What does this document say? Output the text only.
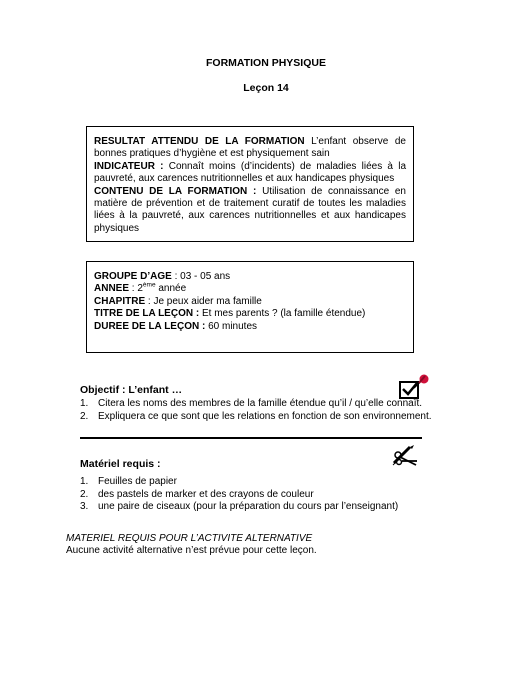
FORMATION PHYSIQUE
Leçon 14
RESULTAT ATTENDU DE LA FORMATION L’enfant observe de bonnes pratiques d’hygiène et est physiquement sain
INDICATEUR : Connaît moins (d’incidents) de maladies liées à la pauvreté, aux carences nutritionnelles et aux handicapes physiques
CONTENU DE LA FORMATION : Utilisation de connaissance en matière de prévention et de traitement curatif de toutes les maladies liées à la pauvreté, aux carences nutritionnelles et aux handicapes physiques
GROUPE D’AGE : 03 - 05 ans
ANNEE : 2ème année
CHAPITRE : Je peux aider ma famille
TITRE DE LA LEÇON : Et mes parents ? (la famille étendue)
DUREE DE LA LEÇON : 60 minutes
Objectif : L’enfant …
1. Citera les noms des membres de la famille étendue qu’il / qu’elle connaît.
2. Expliquera ce que sont que les relations en fonction de son environnement.
Matériel requis :
1. Feuilles de papier
2. des pastels de marker et des crayons de couleur
3. une paire de ciseaux (pour la préparation du cours par l’enseignant)
MATERIEL REQUIS POUR L’ACTIVITE ALTERNATIVE
Aucune activité alternative n’est prévue pour cette leçon.
